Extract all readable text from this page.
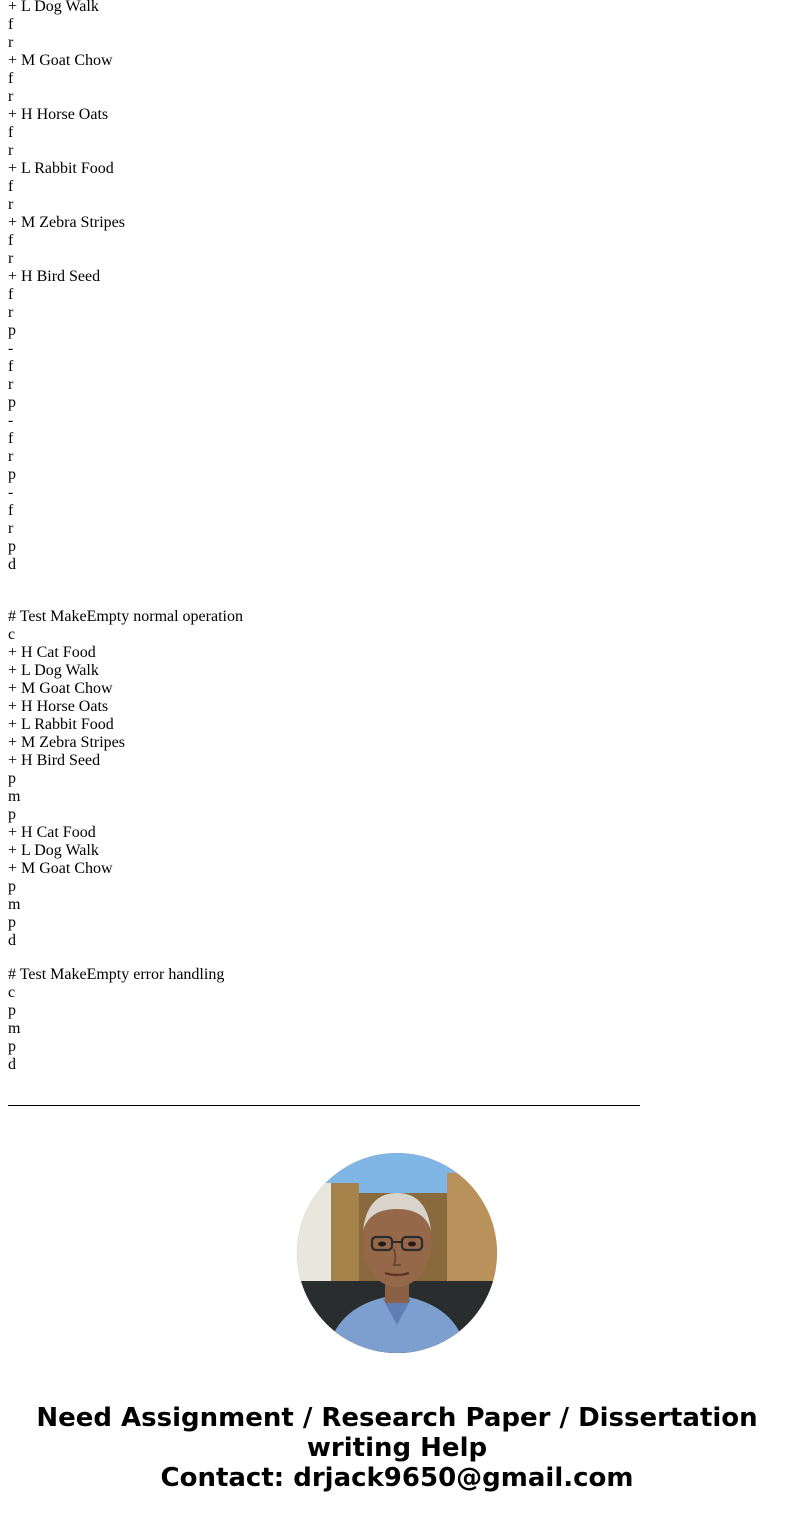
+ L Dog Walk
f
r
+ M Goat Chow
f
r
+ H Horse Oats
f
r
+ L Rabbit Food
f
r
+ M Zebra Stripes
f
r
+ H Bird Seed
f
r
p
-
f
r
p
-
f
r
p
-
f
r
p
d
# Test MakeEmpty normal operation
c
+ H Cat Food
+ L Dog Walk
+ M Goat Chow
+ H Horse Oats
+ L Rabbit Food
+ M Zebra Stripes
+ H Bird Seed
p
m
p
+ H Cat Food
+ L Dog Walk
+ M Goat Chow
p
m
p
d
# Test MakeEmpty error handling
c
p
m
p
d
Need Assignment / Research Paper / Dissertation
writing Help
Contact: drjack9650@gmail.com
